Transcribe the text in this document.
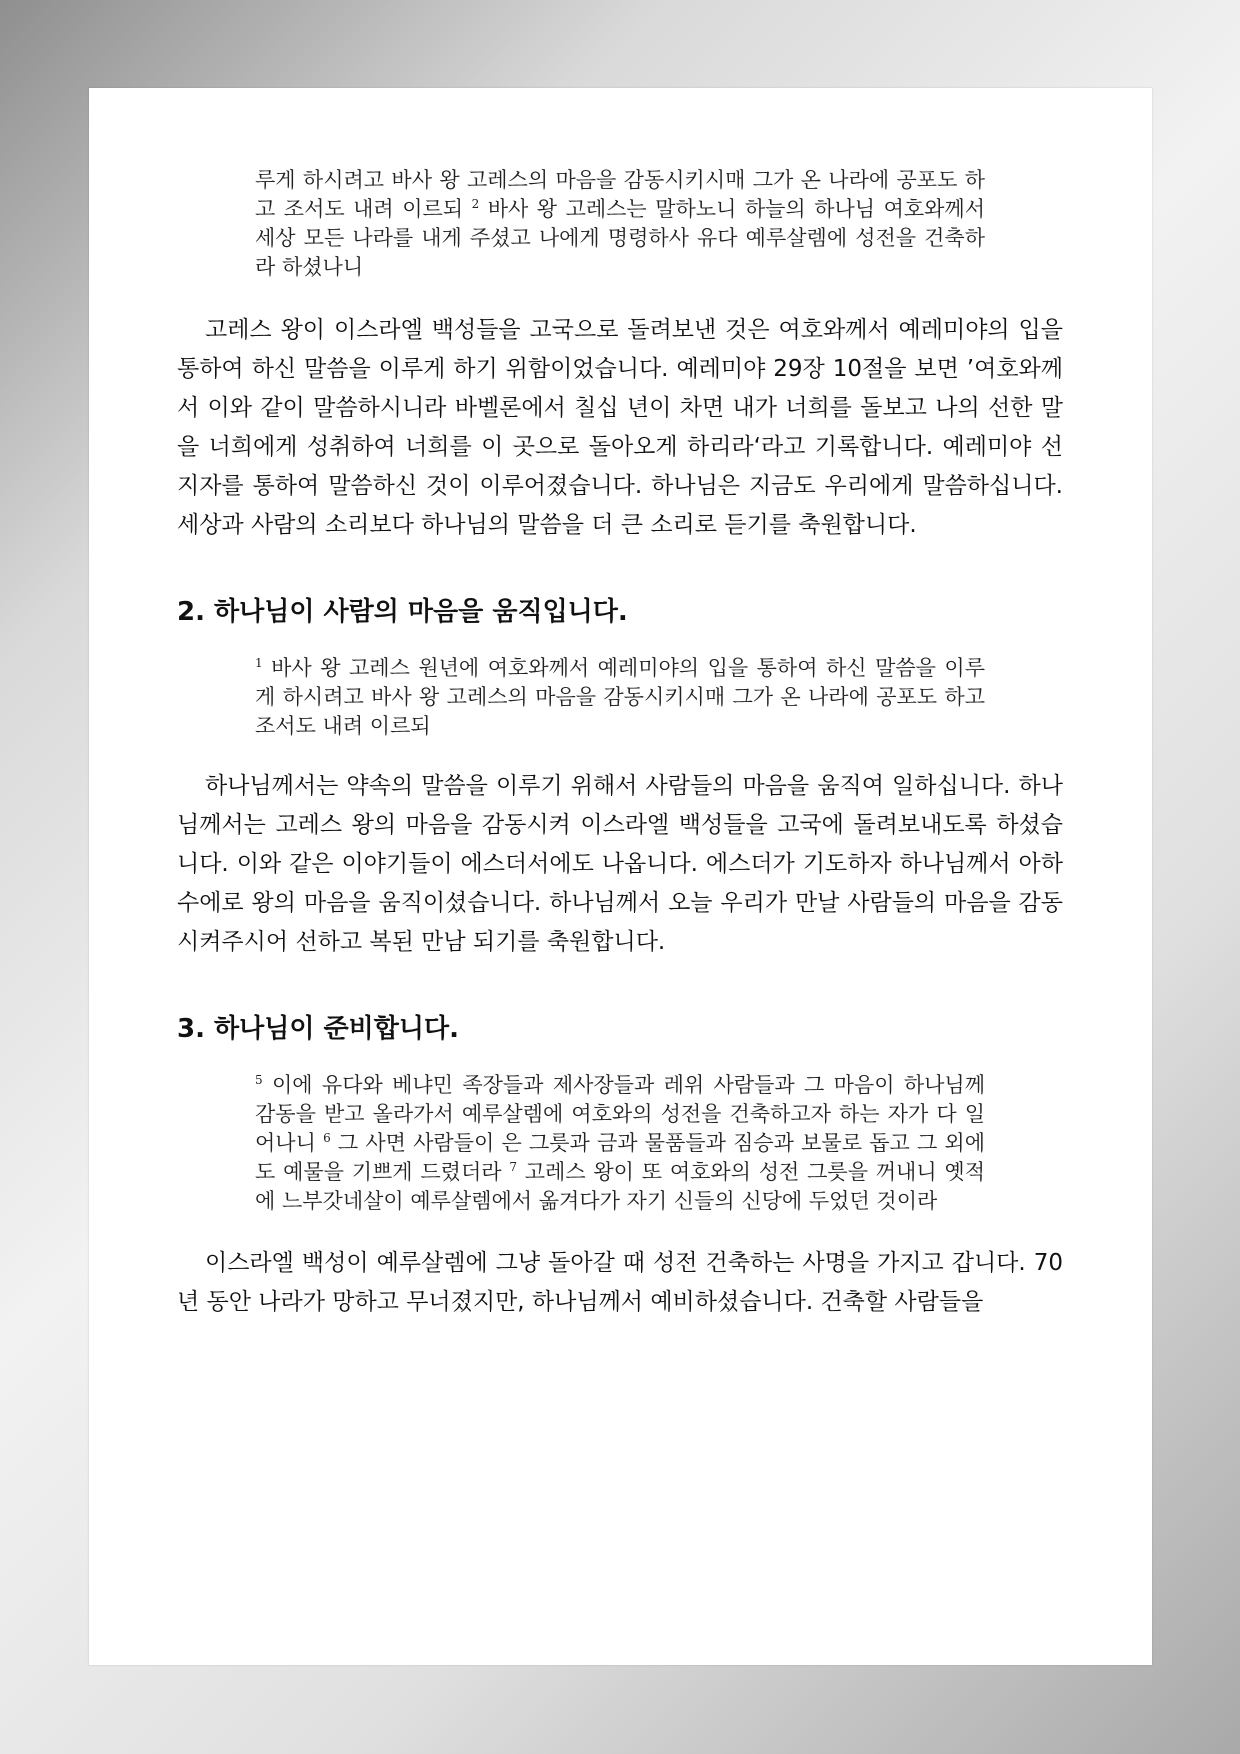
루게 하시려고 바사 왕 고레스의 마음을 감동시키시매 그가 온 나라에 공포도 하고 조서도 내려 이르되 $^2$ 바사 왕 고레스는 말하노니 하늘의 하나님 여호와께서 세상 모든 나라를 내게 주셨고 나에게 명령하사 유다 예루살렘에 성전을 건축하라 하셨나니

고레스 왕이 이스라엘 백성들을 고국으로 돌려보낸 것은 여호와께서 예레미야의 입을 통하여 하신 말씀을 이루게 하기 위함이었습니다. 예레미야 29장 10절을 보면 ’여호와께서 이와 같이 말씀하시니라 바벨론에서 칠십 년이 차면 내가 너희를 돌보고 나의 선한 말을 너희에게 성취하여 너희를 이 곳으로 돌아오게 하리라‘라고 기록합니다. 예레미야 선지자를 통하여 말씀하신 것이 이루어졌습니다. 하나님은 지금도 우리에게 말씀하십니다. 세상과 사람의 소리보다 하나님의 말씀을 더 큰 소리로 듣기를 축원합니다.

2. 하나님이 사람의 마음을 움직입니다.
$^1$ 바사 왕 고레스 원년에 여호와께서 예레미야의 입을 통하여 하신 말씀을 이루게 하시려고 바사 왕 고레스의 마음을 감동시키시매 그가 온 나라에 공포도 하고 조서도 내려 이르되

하나님께서는 약속의 말씀을 이루기 위해서 사람들의 마음을 움직여 일하십니다. 하나님께서는 고레스 왕의 마음을 감동시켜 이스라엘 백성들을 고국에 돌려보내도록 하셨습니다. 이와 같은 이야기들이 에스더서에도 나옵니다. 에스더가 기도하자 하나님께서 아하수에로 왕의 마음을 움직이셨습니다. 하나님께서 오늘 우리가 만날 사람들의 마음을 감동시켜주시어 선하고 복된 만남 되기를 축원합니다.

3. 하나님이 준비합니다.
$^5$ 이에 유다와 베냐민 족장들과 제사장들과 레위 사람들과 그 마음이 하나님께 감동을 받고 올라가서 예루살렘에 여호와의 성전을 건축하고자 하는 자가 다 일어나니 $^6$ 그 사면 사람들이 은 그릇과 금과 물품들과 짐승과 보물로 돕고 그 외에도 예물을 기쁘게 드렸더라 $^7$ 고레스 왕이 또 여호와의 성전 그릇을 꺼내니 옛적에 느부갓네살이 예루살렘에서 옮겨다가 자기 신들의 신당에 두었던 것이라

이스라엘 백성이 예루살렘에 그냥 돌아갈 때 성전 건축하는 사명을 가지고 갑니다. 70년 동안 나라가 망하고 무너졌지만, 하나님께서 예비하셨습니다. 건축할 사람들을
